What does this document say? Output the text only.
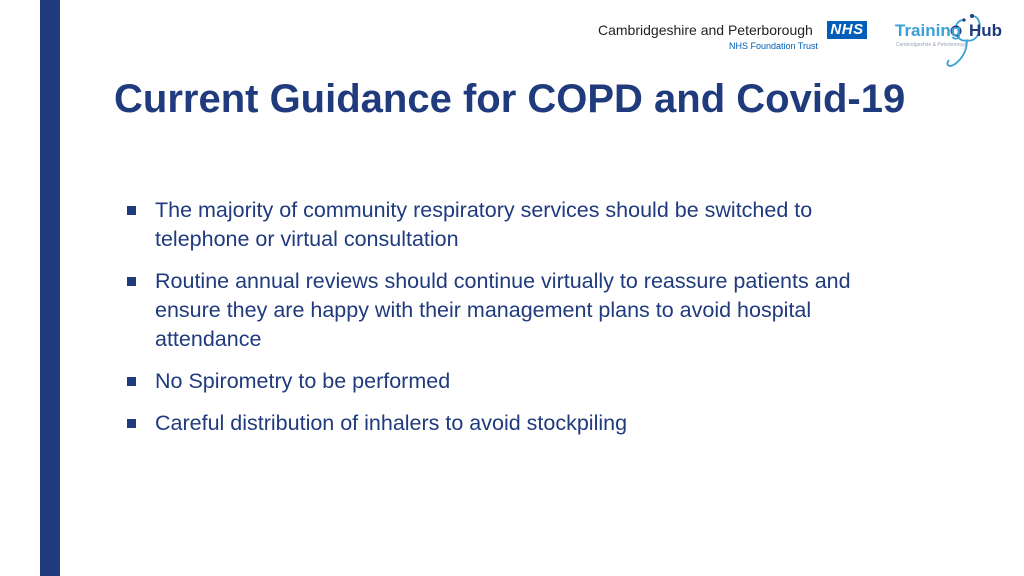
Cambridgeshire and Peterborough NHS
NHS Foundation Trust
Training Hub
Cambridgeshire & Peterborough
Current Guidance for COPD and Covid-19
The majority of community respiratory services should be switched to telephone or virtual consultation
Routine annual reviews should continue virtually to reassure patients and ensure they are happy with their management plans to avoid hospital attendance
No Spirometry to be performed
Careful distribution of inhalers to avoid stockpiling
